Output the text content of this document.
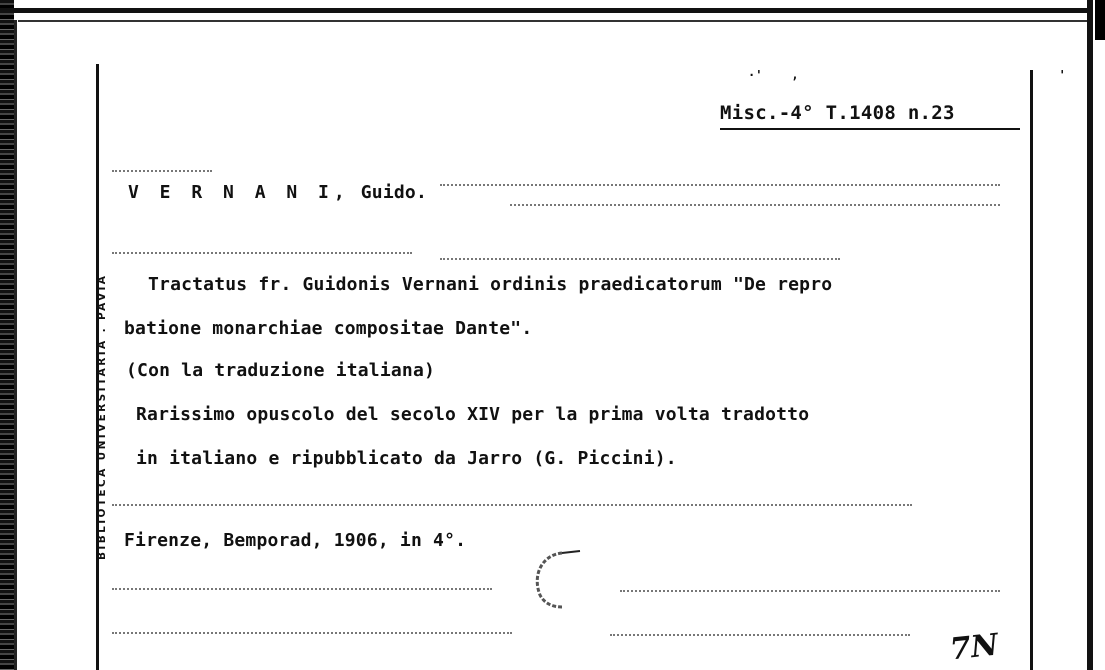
BIBLIOTECA UNIVERSITARIA . PAVIA
·'    ,                                    '
Misc.-4° T.1408 n.23
V E R N A N I, Guido.
Tractatus fr. Guidonis Vernani ordinis praedicatorum "De repro
batione monarchiae compositae Dante".
(Con la traduzione italiana)
Rarissimo opuscolo del secolo XIV per la prima volta tradotto
in italiano e ripubblicato da Jarro (G. Piccini).
Firenze, Bemporad, 1906, in 4°.
7N
